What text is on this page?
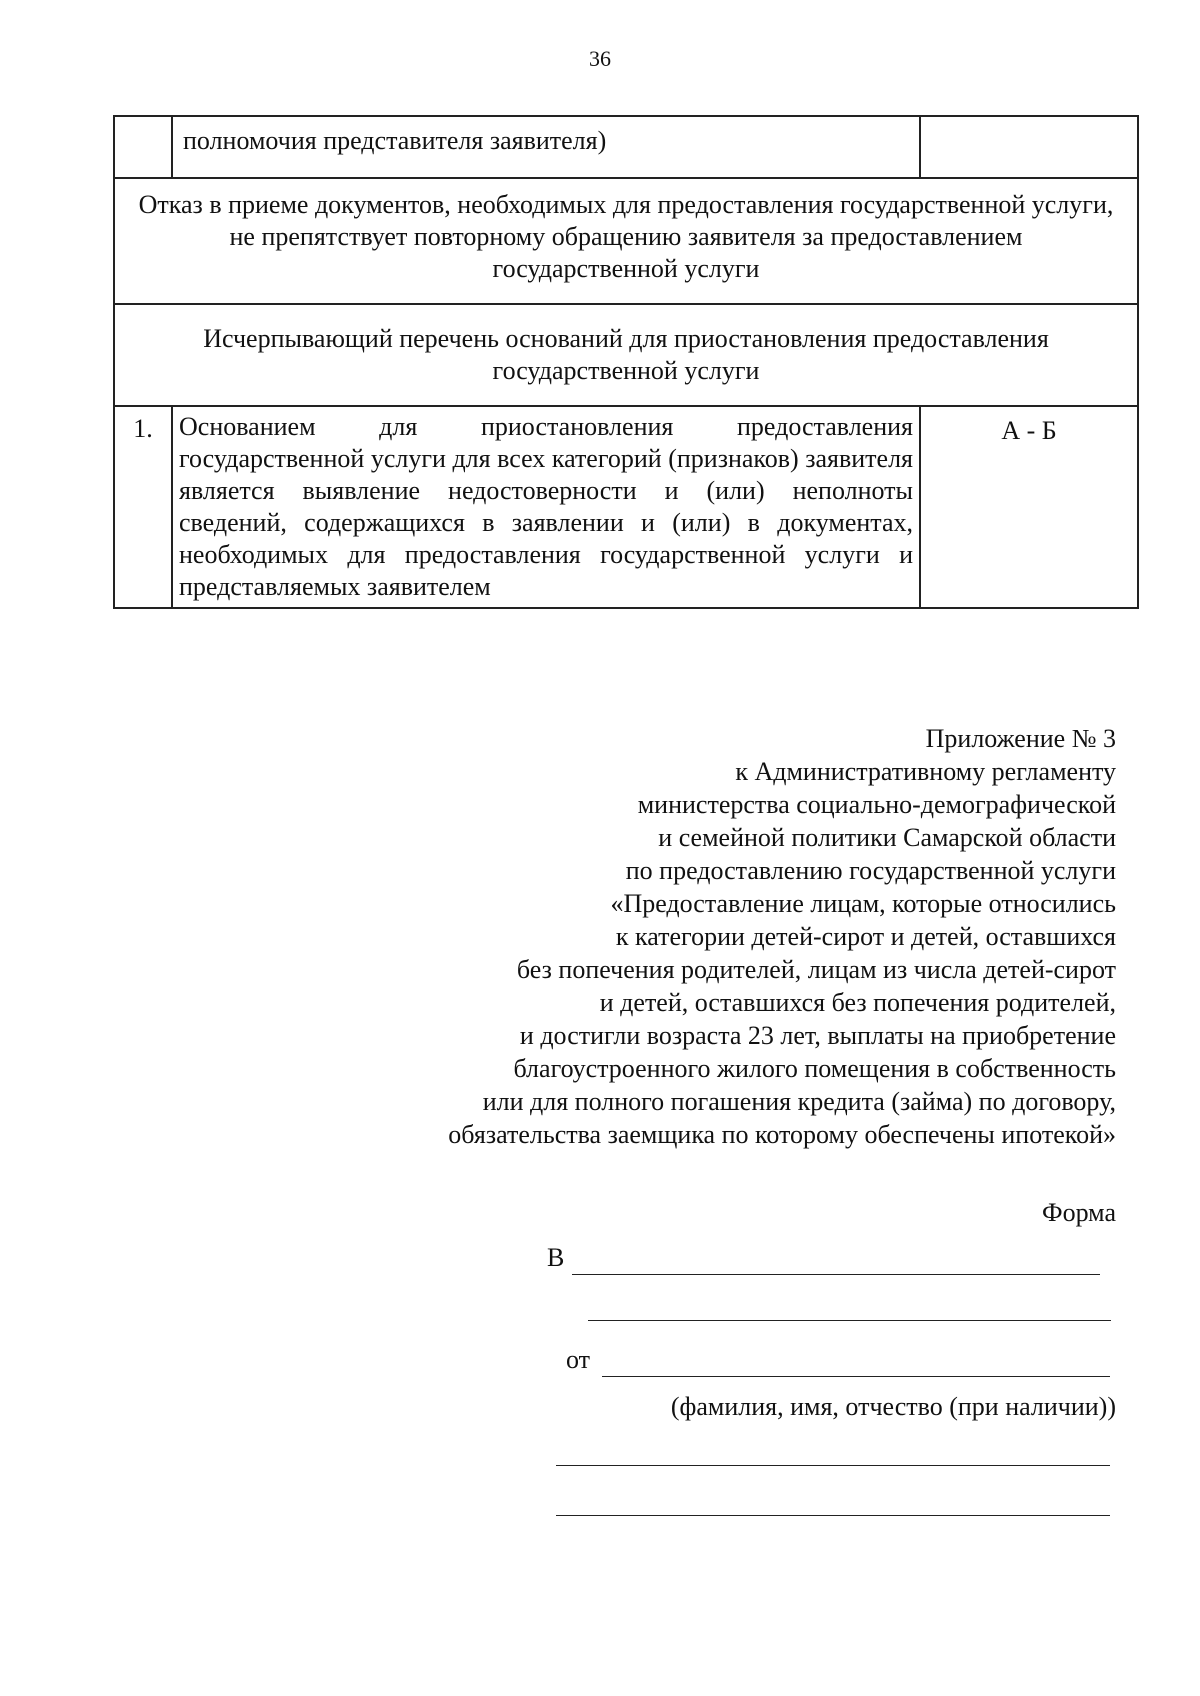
36
	полномочия представителя заявителя)	
Отказ в приеме документов, необходимых для предоставления государственной услуги, не препятствует повторному обращению заявителя за предоставлением государственной услуги		
Исчерпывающий перечень оснований для приостановления предоставления государственной услуги		
1.	Основанием для приостановления предоставления государственной услуги для всех категорий (признаков) заявителя является выявление недостоверности и (или) неполноты сведений, содержащихся в заявлении и (или) в документах, необходимых для предоставления государственной услуги и представляемых заявителем	А - Б
Приложение № 3
к Административному регламенту
министерства социально-демографической
и семейной политики Самарской области
по предоставлению государственной услуги
«Предоставление лицам, которые относились
к категории детей-сирот и детей, оставшихся
без попечения родителей, лицам из числа детей-сирот
и детей, оставшихся без попечения родителей,
и достигли возраста 23 лет, выплаты на приобретение
благоустроенного жилого помещения в собственность
или для полного погашения кредита (займа) по договору,
обязательства заемщика по которому обеспечены ипотекой»
Форма
В
от
(фамилия, имя, отчество (при наличии))
